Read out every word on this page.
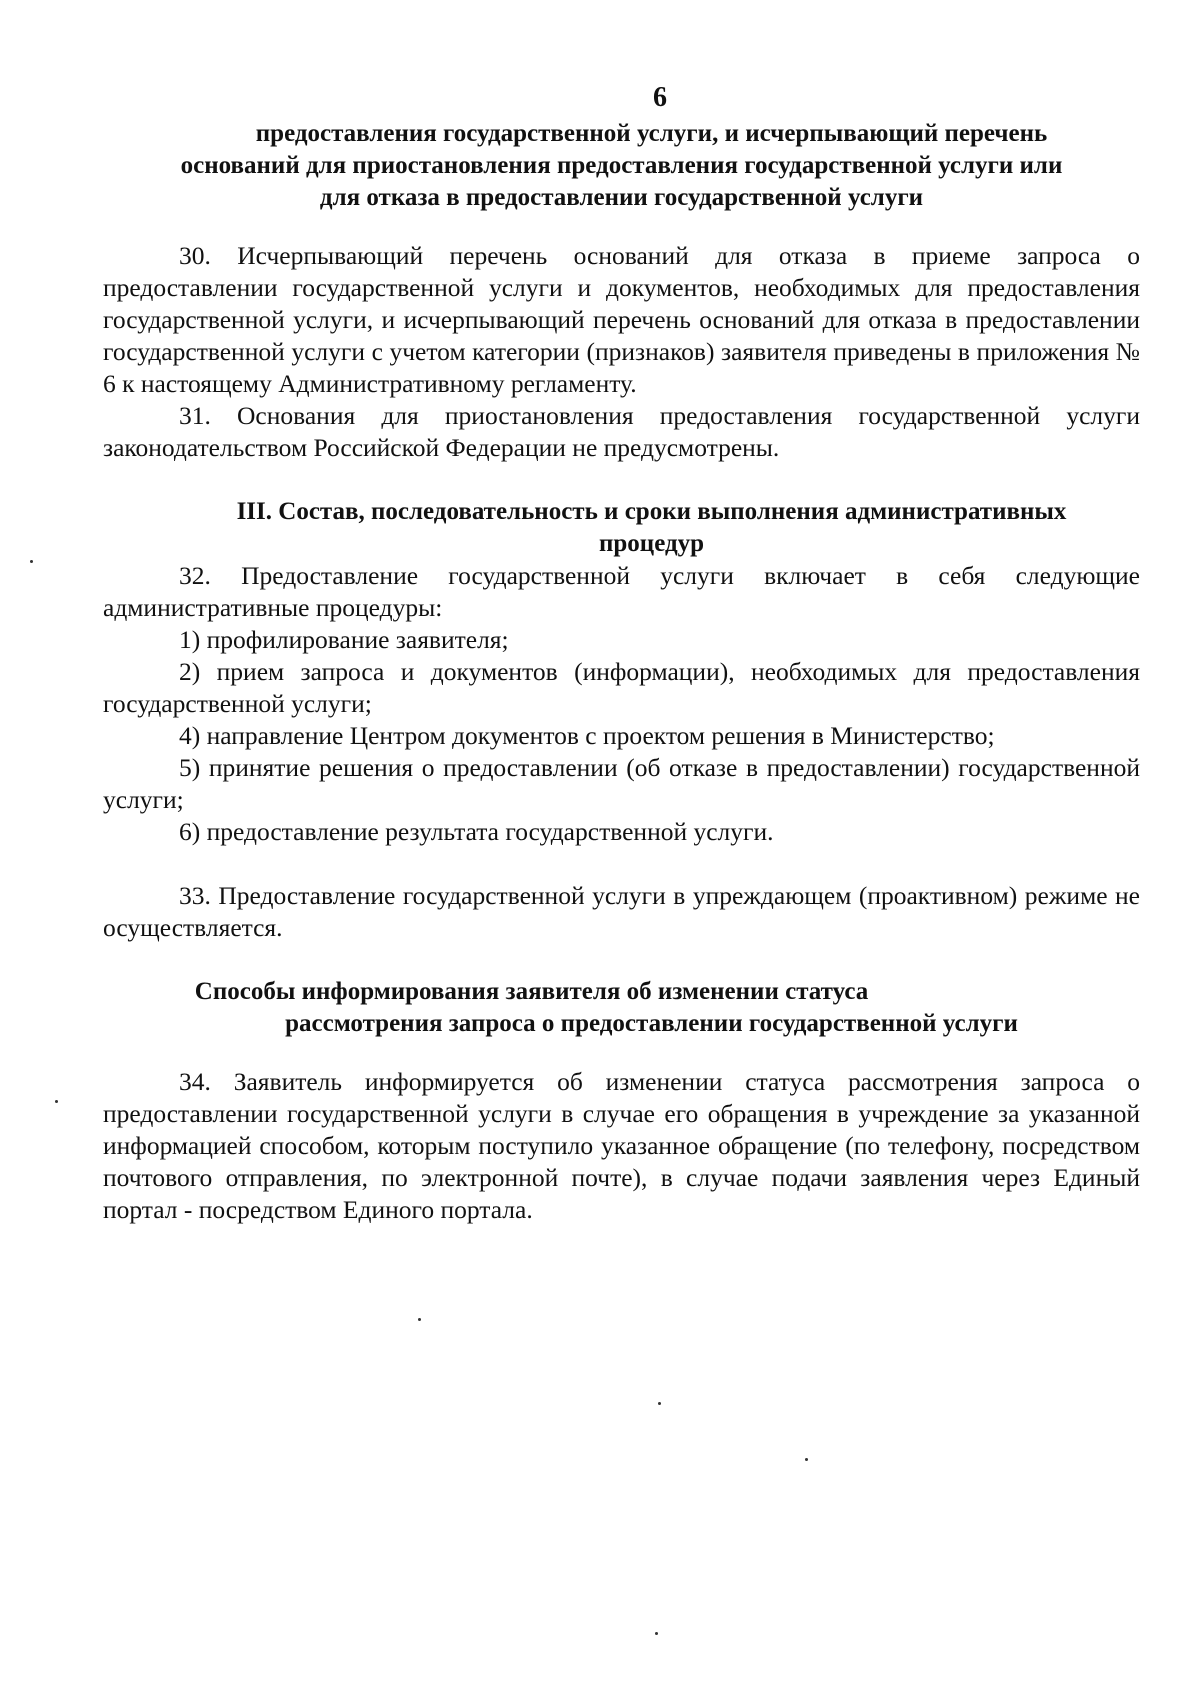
6
предоставления государственной услуги, и исчерпывающий перечень
оснований для приостановления предоставления государственной услуги или
для отказа в предоставлении государственной услуги

30. Исчерпывающий перечень оснований для отказа в приеме запроса о предоставлении государственной услуги и документов, необходимых для предоставления государственной услуги, и исчерпывающий перечень оснований для отказа в предоставлении государственной услуги с учетом категории (признаков) заявителя приведены в приложения № 6 к настоящему Административному регламенту.

31. Основания для приостановления предоставления государственной услуги законодательством Российской Федерации не предусмотрены.

III. Состав, последовательность и сроки выполнения административных
процедур

32. Предоставление государственной услуги включает в себя следующие административные процедуры:

1) профилирование заявителя;

2) прием запроса и документов (информации), необходимых для предоставления государственной услуги;

4) направление Центром документов с проектом решения в Министерство;

5) принятие решения о предоставлении (об отказе в предоставлении) государственной услуги;

6) предоставление результата государственной услуги.

33. Предоставление государственной услуги в упреждающем (проактивном) режиме не осуществляется.

Способы информирования заявителя об изменении статуса
рассмотрения запроса о предоставлении государственной услуги

34. Заявитель информируется об изменении статуса рассмотрения запроса о предоставлении государственной услуги в случае его обращения в учреждение за указанной информацией способом, которым поступило указанное обращение (по телефону, посредством почтового отправления, по электронной почте), в случае подачи заявления через Единый портал - посредством Единого портала.
